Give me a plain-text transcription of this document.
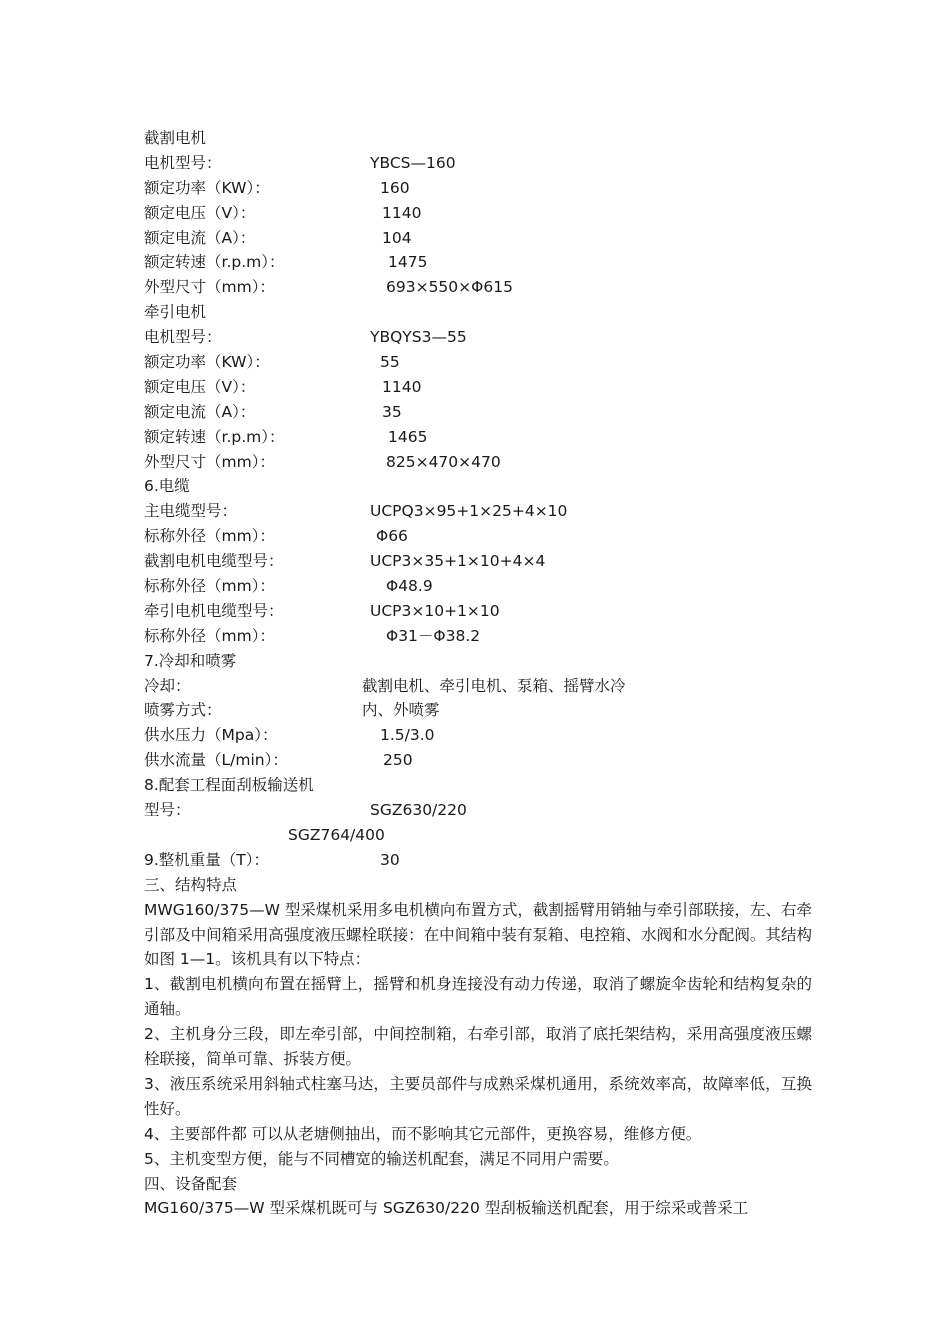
截割电机
电机型号：	YBCS—160
额定功率（KW）：	160
额定电压（V）：	1140
额定电流（A）：	104
额定转速（r.p.m）：	1475
外型尺寸（mm）：	693×550×Φ615
牵引电机
电机型号：	YBQYS3—55
额定功率（KW）：	55
额定电压（V）：	1140
额定电流（A）：	35
额定转速（r.p.m）：	1465
外型尺寸（mm）：	825×470×470
6.电缆
主电缆型号：	UCPQ3×95+1×25+4×10
标称外径（mm）：	Φ66
截割电机电缆型号：	UCP3×35+1×10+4×4
标称外径（mm）：	Φ48.9
牵引电机电缆型号：	UCP3×10+1×10
标称外径（mm）：	Φ31－Φ38.2
7.冷却和喷雾
冷却：	截割电机、牵引电机、泵箱、摇臂水冷
喷雾方式：	内、外喷雾
供水压力（Mpa）：	1.5/3.0
供水流量（L/min）：	250
8.配套工程面刮板输送机
型号：	SGZ630/220
SGZ764/400
9.整机重量（T）：	30
三、结构特点
MWG160/375—W 型采煤机采用多电机横向布置方式，截割摇臂用销轴与牵引部联接，左、右牵引部及中间箱采用高强度液压螺栓联接：在中间箱中装有泵箱、电控箱、水阀和水分配阀。其结构如图 1—1。该机具有以下特点：
1、截割电机横向布置在摇臂上，摇臂和机身连接没有动力传递，取消了螺旋伞齿轮和结构复杂的通轴。
2、主机身分三段，即左牵引部，中间控制箱，右牵引部，取消了底托架结构，采用高强度液压螺栓联接，简单可靠、拆装方便。
3、液压系统采用斜轴式柱塞马达，主要员部件与成熟采煤机通用，系统效率高，故障率低，互换性好。
4、主要部件都 可以从老塘侧抽出，而不影响其它元部件，更换容易，维修方便。
5、主机变型方便，能与不同槽宽的输送机配套，满足不同用户需要。
四、设备配套
MG160/375—W 型采煤机既可与 SGZ630/220 型刮板输送机配套，用于综采或普采工
